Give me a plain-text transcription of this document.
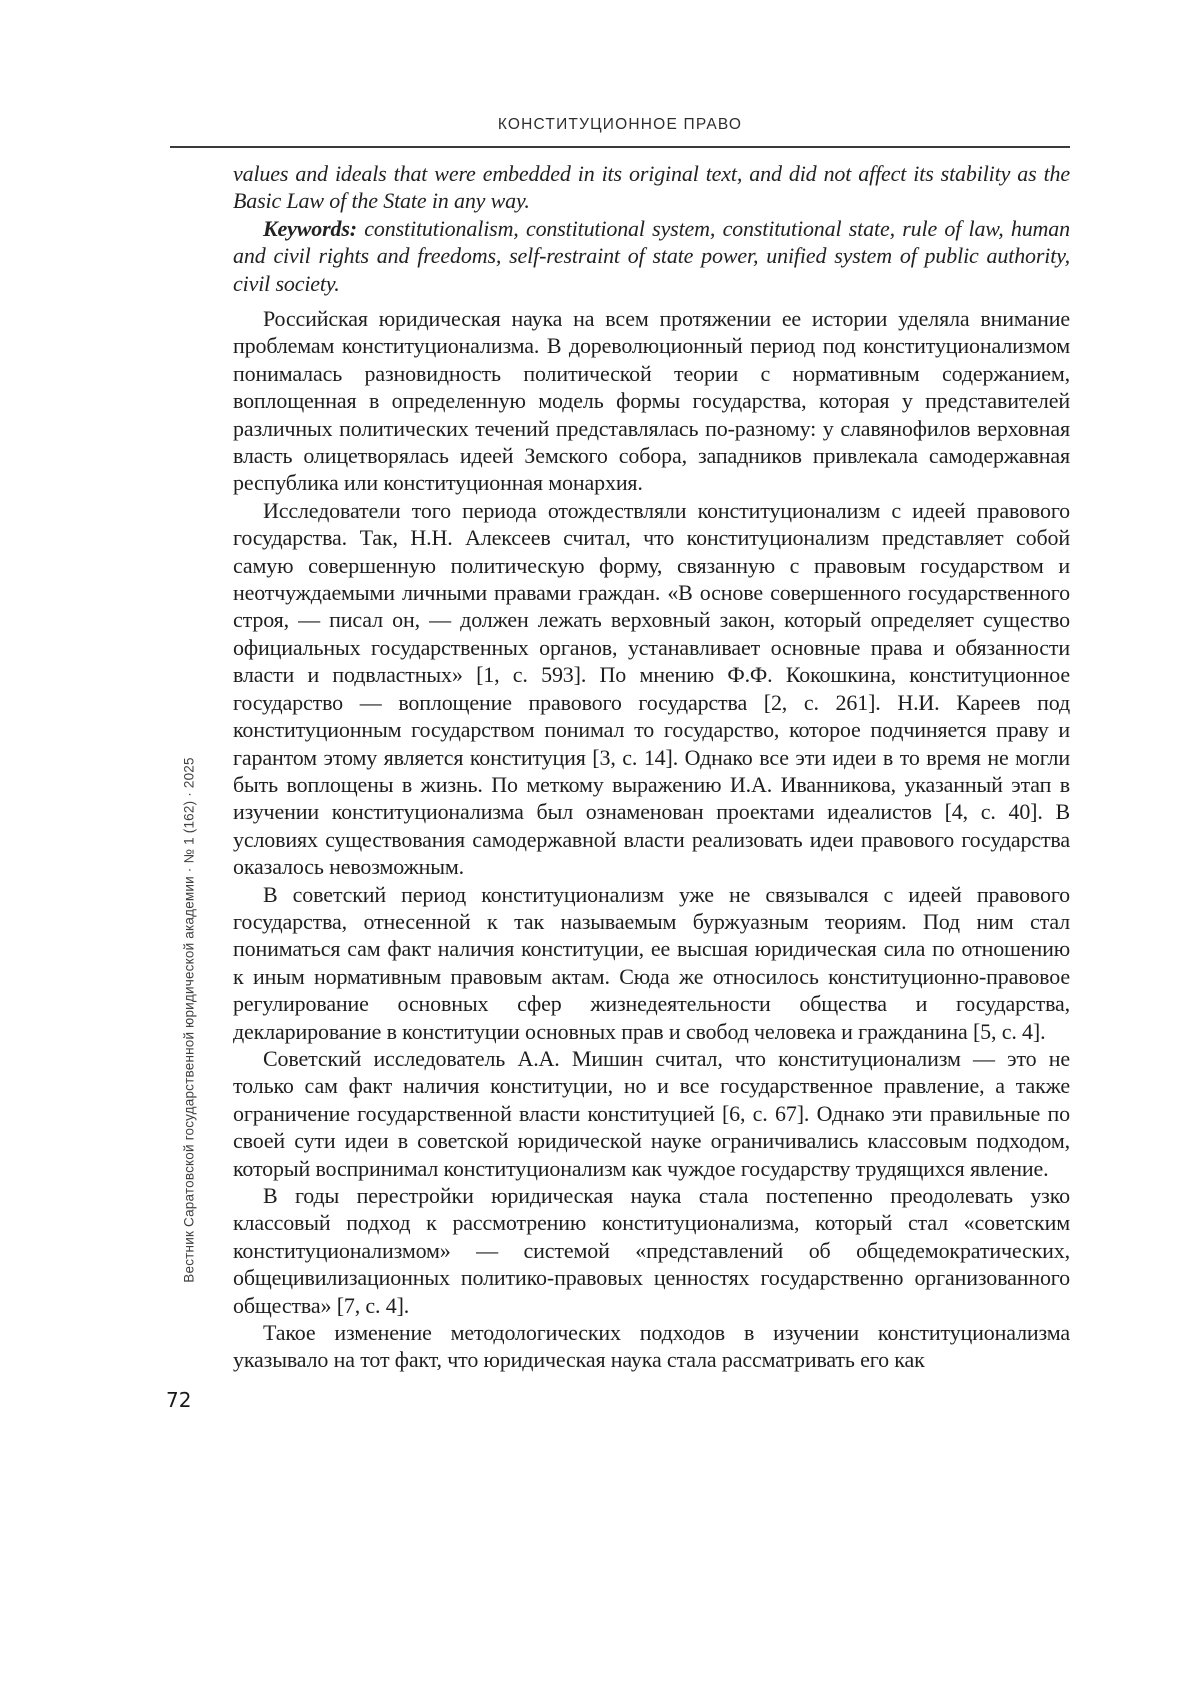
КОНСТИТУЦИОННОЕ ПРАВО

values and ideals that were embedded in its original text, and did not affect its stability as the Basic Law of the State in any way.

Keywords: constitutionalism, constitutional system, constitutional state, rule of law, human and civil rights and freedoms, self-restraint of state power, unified system of public authority, civil society.

Российская юридическая наука на всем протяжении ее истории уделяла внимание проблемам конституционализма. В дореволюционный период под конституционализмом понималась разновидность политической теории с нормативным содержанием, воплощенная в определенную модель формы государства, которая у представителей различных политических течений представлялась по-разному: у славянофилов верховная власть олицетворялась идеей Земского собора, западников привлекала самодержавная республика или конституционная монархия.

Исследователи того периода отождествляли конституционализм с идеей правового государства. Так, Н.Н. Алексеев считал, что конституционализм представляет собой самую совершенную политическую форму, связанную с правовым государством и неотчуждаемыми личными правами граждан. «В основе совершенного государственного строя, — писал он, — должен лежать верховный закон, который определяет существо официальных государственных органов, устанавливает основные права и обязанности власти и подвластных» [1, с. 593]. По мнению Ф.Ф. Кокошкина, конституционное государство — воплощение правового государства [2, с. 261]. Н.И. Кареев под конституционным государством понимал то государство, которое подчиняется праву и гарантом этому является конституция [3, с. 14]. Однако все эти идеи в то время не могли быть воплощены в жизнь. По меткому выражению И.А. Иванникова, указанный этап в изучении конституционализма был ознаменован проектами идеалистов [4, с. 40]. В условиях существования самодержавной власти реализовать идеи правового государства оказалось невозможным.

В советский период конституционализм уже не связывался с идеей правового государства, отнесенной к так называемым буржуазным теориям. Под ним стал пониматься сам факт наличия конституции, ее высшая юридическая сила по отношению к иным нормативным правовым актам. Сюда же относилось конституционно-правовое регулирование основных сфер жизнедеятельности общества и государства, декларирование в конституции основных прав и свобод человека и гражданина [5, с. 4].

Советский исследователь А.А. Мишин считал, что конституционализм — это не только сам факт наличия конституции, но и все государственное правление, а также ограничение государственной власти конституцией [6, с. 67]. Однако эти правильные по своей сути идеи в советской юридической науке ограничивались классовым подходом, который воспринимал конституционализм как чуждое государству трудящихся явление.

В годы перестройки юридическая наука стала постепенно преодолевать узко классовый подход к рассмотрению конституционализма, который стал «советским конституционализмом» — системой «представлений об общедемократических, общецивилизационных политико-правовых ценностях государственно организованного общества» [7, с. 4].

Такое изменение методологических подходов в изучении конституционализма указывало на тот факт, что юридическая наука стала рассматривать его как

Вестник Саратовской государственной юридической академии · № 1 (162) · 2025
72
